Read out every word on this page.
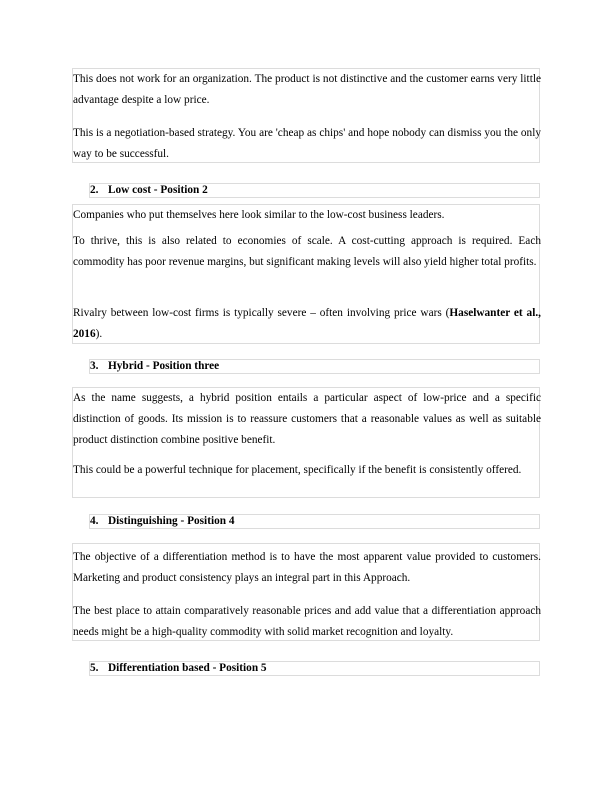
This does not work for an organization. The product is not distinctive and the customer earns very little advantage despite a low price.

This is a negotiation-based strategy. You are 'cheap as chips' and hope nobody can dismiss you the only way to be successful.

2. Low cost - Position 2

Companies who put themselves here look similar to the low-cost business leaders.

To thrive, this is also related to economies of scale. A cost-cutting approach is required. Each commodity has poor revenue margins, but significant making levels will also yield higher total profits.

Rivalry between low-cost firms is typically severe – often involving price wars (Haselwanter et al., 2016).

3. Hybrid - Position three

As the name suggests, a hybrid position entails a particular aspect of low-price and a specific distinction of goods. Its mission is to reassure customers that a reasonable values as well as suitable product distinction combine positive benefit.

This could be a powerful technique for placement, specifically if the benefit is consistently offered.

4. Distinguishing - Position 4

The objective of a differentiation method is to have the most apparent value provided to customers. Marketing and product consistency plays an integral part in this Approach.

The best place to attain comparatively reasonable prices and add value that a differentiation approach needs might be a high-quality commodity with solid market recognition and loyalty.

5. Differentiation based - Position 5
